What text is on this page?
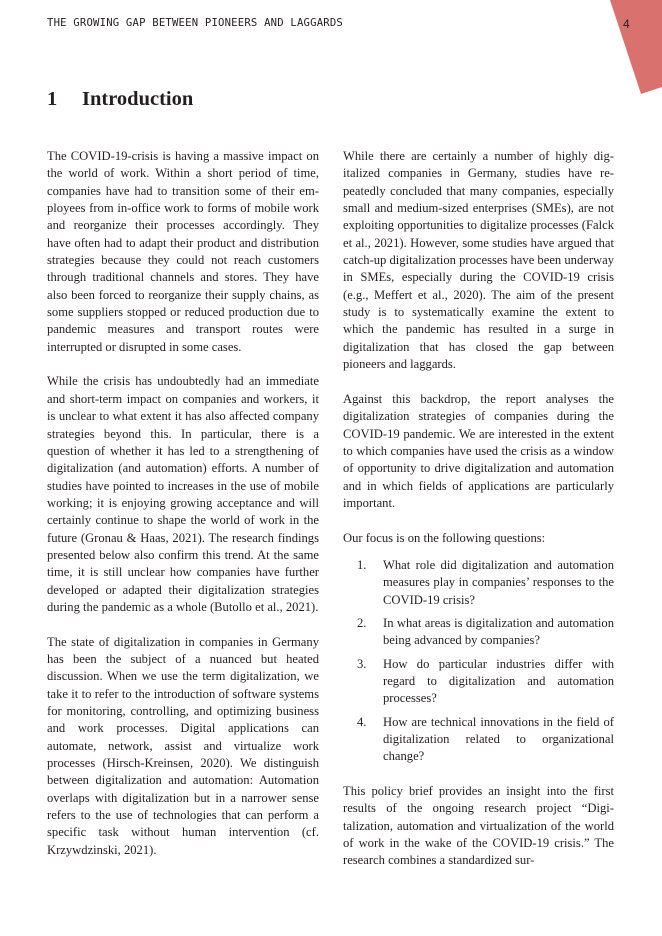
THE GROWING GAP BETWEEN PIONEERS AND LAGGARDS	4
1	Introduction

The COVID-19-crisis is having a massive impact on the world of work. Within a short period of time, companies have had to transition some of their employees from in-office work to forms of mobile work and reorganize their processes accordingly. They have often had to adapt their product and distribution strategies because they could not reach customers through traditional channels and stores. They have also been forced to reorganize their supply chains, as some suppliers stopped or reduced production due to pandemic measures and transport routes were interrupted or disrupted in some cases.

While the crisis has undoubtedly had an immediate and short-term impact on companies and workers, it is unclear to what extent it has also affected company strategies beyond this. In particular, there is a question of whether it has led to a strengthening of digitalization (and automation) efforts. A number of studies have pointed to increases in the use of mobile working; it is enjoying growing acceptance and will certainly continue to shape the world of work in the future (Gronau & Haas, 2021). The research findings presented below also confirm this trend. At the same time, it is still unclear how companies have further developed or adapted their digitalization strategies during the pandemic as a whole (Butollo et al., 2021).

The state of digitalization in companies in Germany has been the subject of a nuanced but heated discussion. When we use the term digitalization, we take it to refer to the introduction of software systems for monitoring, controlling, and optimizing business and work processes. Digital applications can automate, network, assist and virtualize work processes (Hirsch-Kreinsen, 2020). We distinguish between digitalization and automation: Automation overlaps with digitalization but in a narrower sense refers to the use of technologies that can perform a specific task without human intervention (cf. Krzywdzinski, 2021).

While there are certainly a number of highly digitalized companies in Germany, studies have repeatedly concluded that many companies, especially small and medium-sized enterprises (SMEs), are not exploiting opportunities to digitalize processes (Falck et al., 2021). However, some studies have argued that catch-up digitalization processes have been underway in SMEs, especially during the COVID-19 crisis (e.g., Meffert et al., 2020). The aim of the present study is to systematically examine the extent to which the pandemic has resulted in a surge in digitalization that has closed the gap between pioneers and laggards.

Against this backdrop, the report analyses the digitalization strategies of companies during the COVID-19 pandemic. We are interested in the extent to which companies have used the crisis as a window of opportunity to drive digitalization and automation and in which fields of applications are particularly important.

Our focus is on the following questions:

1.	What role did digitalization and automation measures play in companies’ responses to the COVID-19 crisis?
2.	In what areas is digitalization and automation being advanced by companies?
3.	How do particular industries differ with regard to digitalization and automation processes?
4.	How are technical innovations in the field of digitalization related to organizational change?

This policy brief provides an insight into the first results of the ongoing research project “Digitalization, automation and virtualization of the world of work in the wake of the COVID-19 crisis.” The research combines a standardized sur-
